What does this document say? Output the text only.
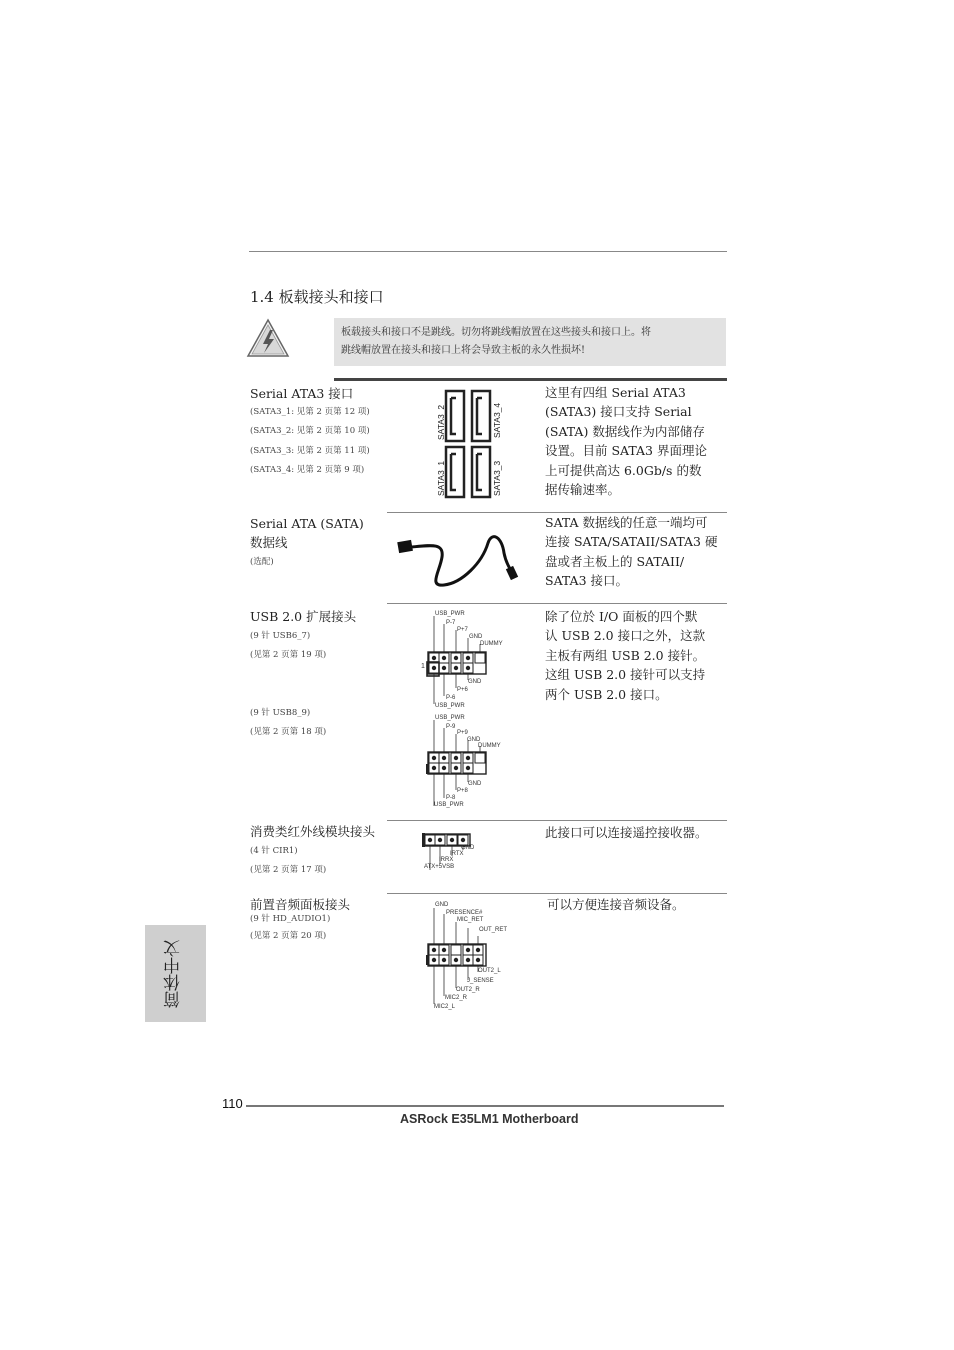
1.4 板载接头和接口
板载接头和接口不是跳线。切勿将跳线帽放置在这些接头和接口上。将
跳线帽放置在接头和接口上将会导致主板的永久性损坏!
Serial ATA3 接口
(SATA3_1: 见第 2 页第 12 项)
(SATA3_2: 见第 2 页第 10 项)
(SATA3_3: 见第 2 页第 11 项)
(SATA3_4: 见第 2 页第 9 项)
SATA3_2	SATA3_4
SATA3_1	SATA3_3
这里有四组 Serial ATA3
(SATA3) 接口支持 Serial
(SATA) 数据线作为内部储存
设置。目前 SATA3 界面理论
上可提供高达 6.0Gb/s 的数
据传输速率。
Serial ATA (SATA)
数据线
(选配)
SATA 数据线的任意一端均可
连接 SATA/SATAII/SATA3 硬
盘或者主板上的 SATAII/
SATA3 接口。
USB 2.0 扩展接头
(9 针 USB6_7)
(见第 2 页第 19 项)
(9 针 USB8_9)
(见第 2 页第 18 项)
USB_PWR
P-7
P+7
GND
DUMMY
GND
P+6
P-6
USB_PWR
1
USB_PWR
P-9
P+9
GND
DUMMY
GND
P+8
P-8
USB_PWR
除了位於 I/O 面板的四个默
认 USB 2.0 接口之外，这款
主板有两组 USB 2.0 接针。
这组 USB 2.0 接针可以支持
两个 USB 2.0 接口。
消费类红外线模块接头
(4 针 CIR1)
(见第 2 页第 17 项)
GND
IRTX
IRRX
ATX+5VSB
此接口可以连接遥控接收器。
前置音频面板接头
(9 针 HD_AUDIO1)
(见第 2 页第 20 项)
GND
PRESENCE#
MIC_RET
OUT_RET
OUT2_L
J_SENSE
OUT2_R
MIC2_R
MIC2_L
可以方便连接音频设备。
简体中文
110
ASRock E35LM1 Motherboard
